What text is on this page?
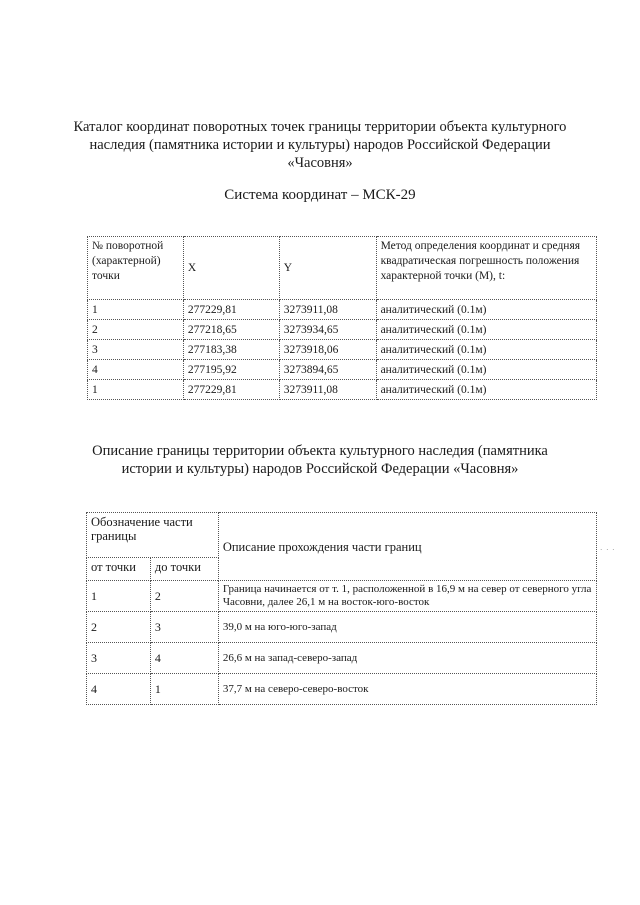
Каталог координат поворотных точек границы территории объекта культурного наследия (памятника истории и культуры) народов Российской Федерации «Часовня»
Система координат – МСК-29
№ поворотной (характерной) точки	X	Y	Метод определения координат и средняя квадратическая погрешность положения характерной точки (М), t:
1	277229,81	3273911,08	аналитический (0.1м)
2	277218,65	3273934,65	аналитический (0.1м)
3	277183,38	3273918,06	аналитический (0.1м)
4	277195,92	3273894,65	аналитический (0.1м)
1	277229,81	3273911,08	аналитический (0.1м)
Описание границы территории объекта культурного наследия (памятника истории и культуры) народов Российской Федерации «Часовня»
Обозначение части границы		Описание прохождения части границ
от точки	до точки	
1	2	Граница начинается от т. 1, расположенной в 16,9 м на север от северного угла Часовни, далее 26,1 м на восток-юго-восток
2	3	39,0 м на юго-юго-запад
3	4	26,6 м на запад-северо-запад
4	1	37,7 м на северо-северо-восток
· · ·
